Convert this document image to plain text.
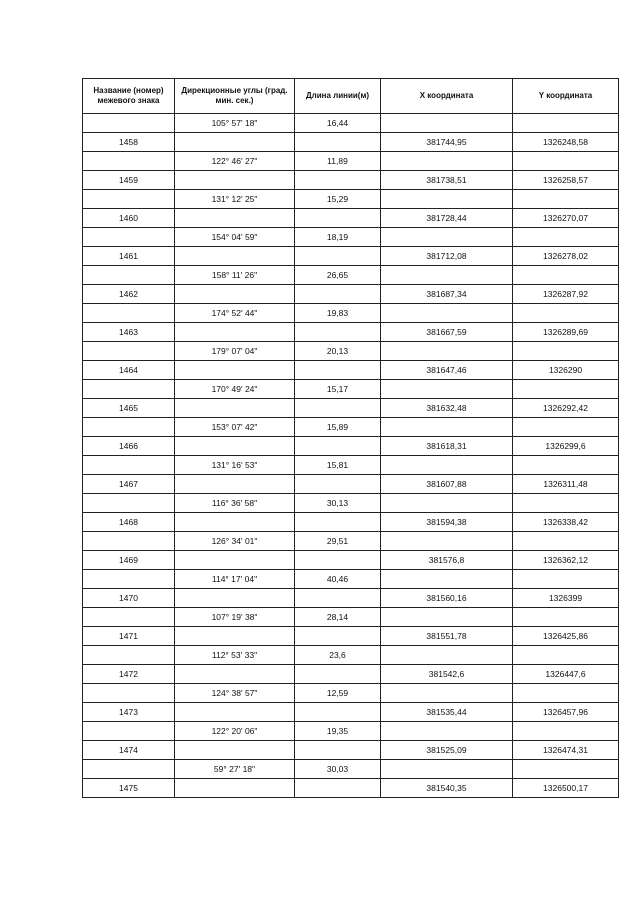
Название (номер) межевого знака	Дирекционные углы (град. мин. сек.)	Длина линии(м)	X координата	Y координата
	105° 57' 18"	16,44		
1458			381744,95	1326248,58
	122° 46' 27"	11,89		
1459			381738,51	1326258,57
	131° 12' 25"	15,29		
1460			381728,44	1326270,07
	154° 04' 59"	18,19		
1461			381712,08	1326278,02
	158° 11' 26"	26,65		
1462			381687,34	1326287,92
	174° 52' 44"	19,83		
1463			381667,59	1326289,69
	179° 07' 04"	20,13		
1464			381647,46	1326290
	170° 49' 24"	15,17		
1465			381632,48	1326292,42
	153° 07' 42"	15,89		
1466			381618,31	1326299,6
	131° 16' 53"	15,81		
1467			381607,88	1326311,48
	116° 36' 58"	30,13		
1468			381594,38	1326338,42
	126° 34' 01"	29,51		
1469			381576,8	1326362,12
	114° 17' 04"	40,46		
1470			381560,16	1326399
	107° 19' 38"	28,14		
1471			381551,78	1326425,86
	112° 53' 33"	23,6		
1472			381542,6	1326447,6
	124° 38' 57"	12,59		
1473			381535,44	1326457,96
	122° 20' 06"	19,35		
1474			381525,09	1326474,31
	59° 27' 18"	30,03		
1475			381540,35	1326500,17
